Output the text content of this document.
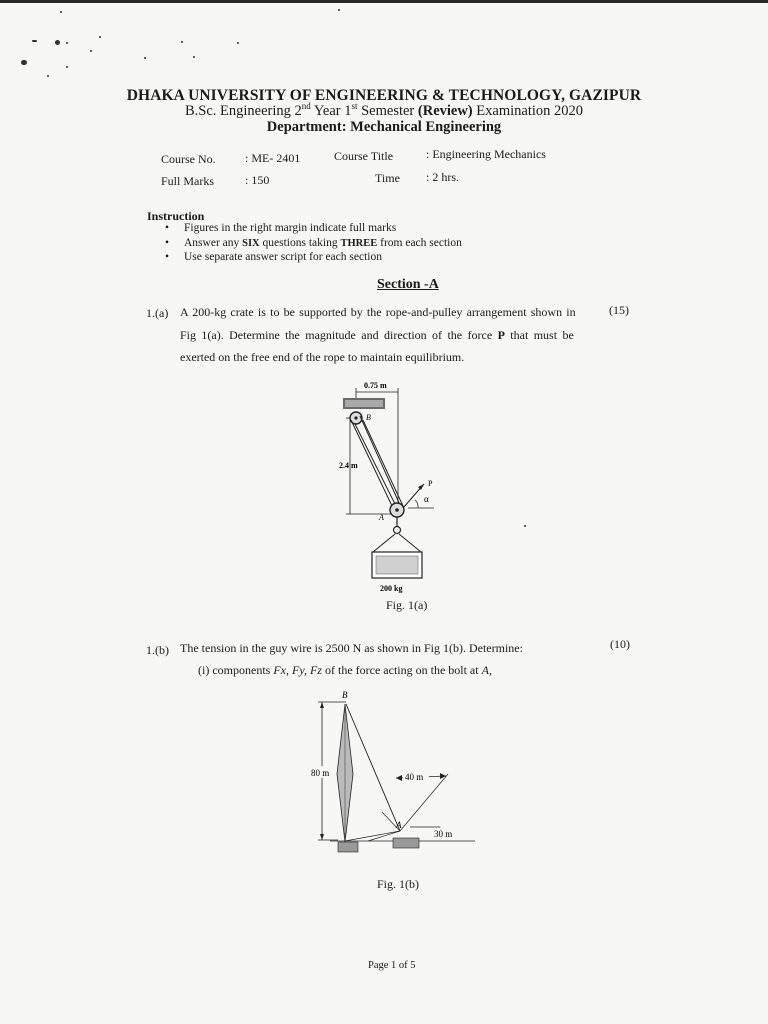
DHAKA UNIVERSITY OF ENGINEERING & TECHNOLOGY, GAZIPUR
B.Sc. Engineering 2nd Year 1st Semester (Review) Examination 2020
Department: Mechanical Engineering
Course No. : ME- 2401	Course Title	: Engineering Mechanics
Full Marks	: 150	Time : 2 hrs.
Instruction
• Figures in the right margin indicate full marks
• Answer any SIX questions taking THREE from each section
• Use separate answer script for each section
Section -A
1.(a) A 200-kg crate is to be supported by the rope-and-pulley arrangement shown in	(15)
Fig 1(a). Determine the magnitude and direction of the force P that must be
exerted on the free end of the rope to maintain equilibrium.
0.75 m
2.4 m
B
A
P
α
200 kg
Fig. 1(a)
1.(b) The tension in the guy wire is 2500 N as shown in Fig 1(b). Determine:	(10)
(i) components Fx, Fy, Fz of the force acting on the bolt at A,
B
80 m	40 m
A
30 m
Fig. 1(b)
Page 1 of 5
